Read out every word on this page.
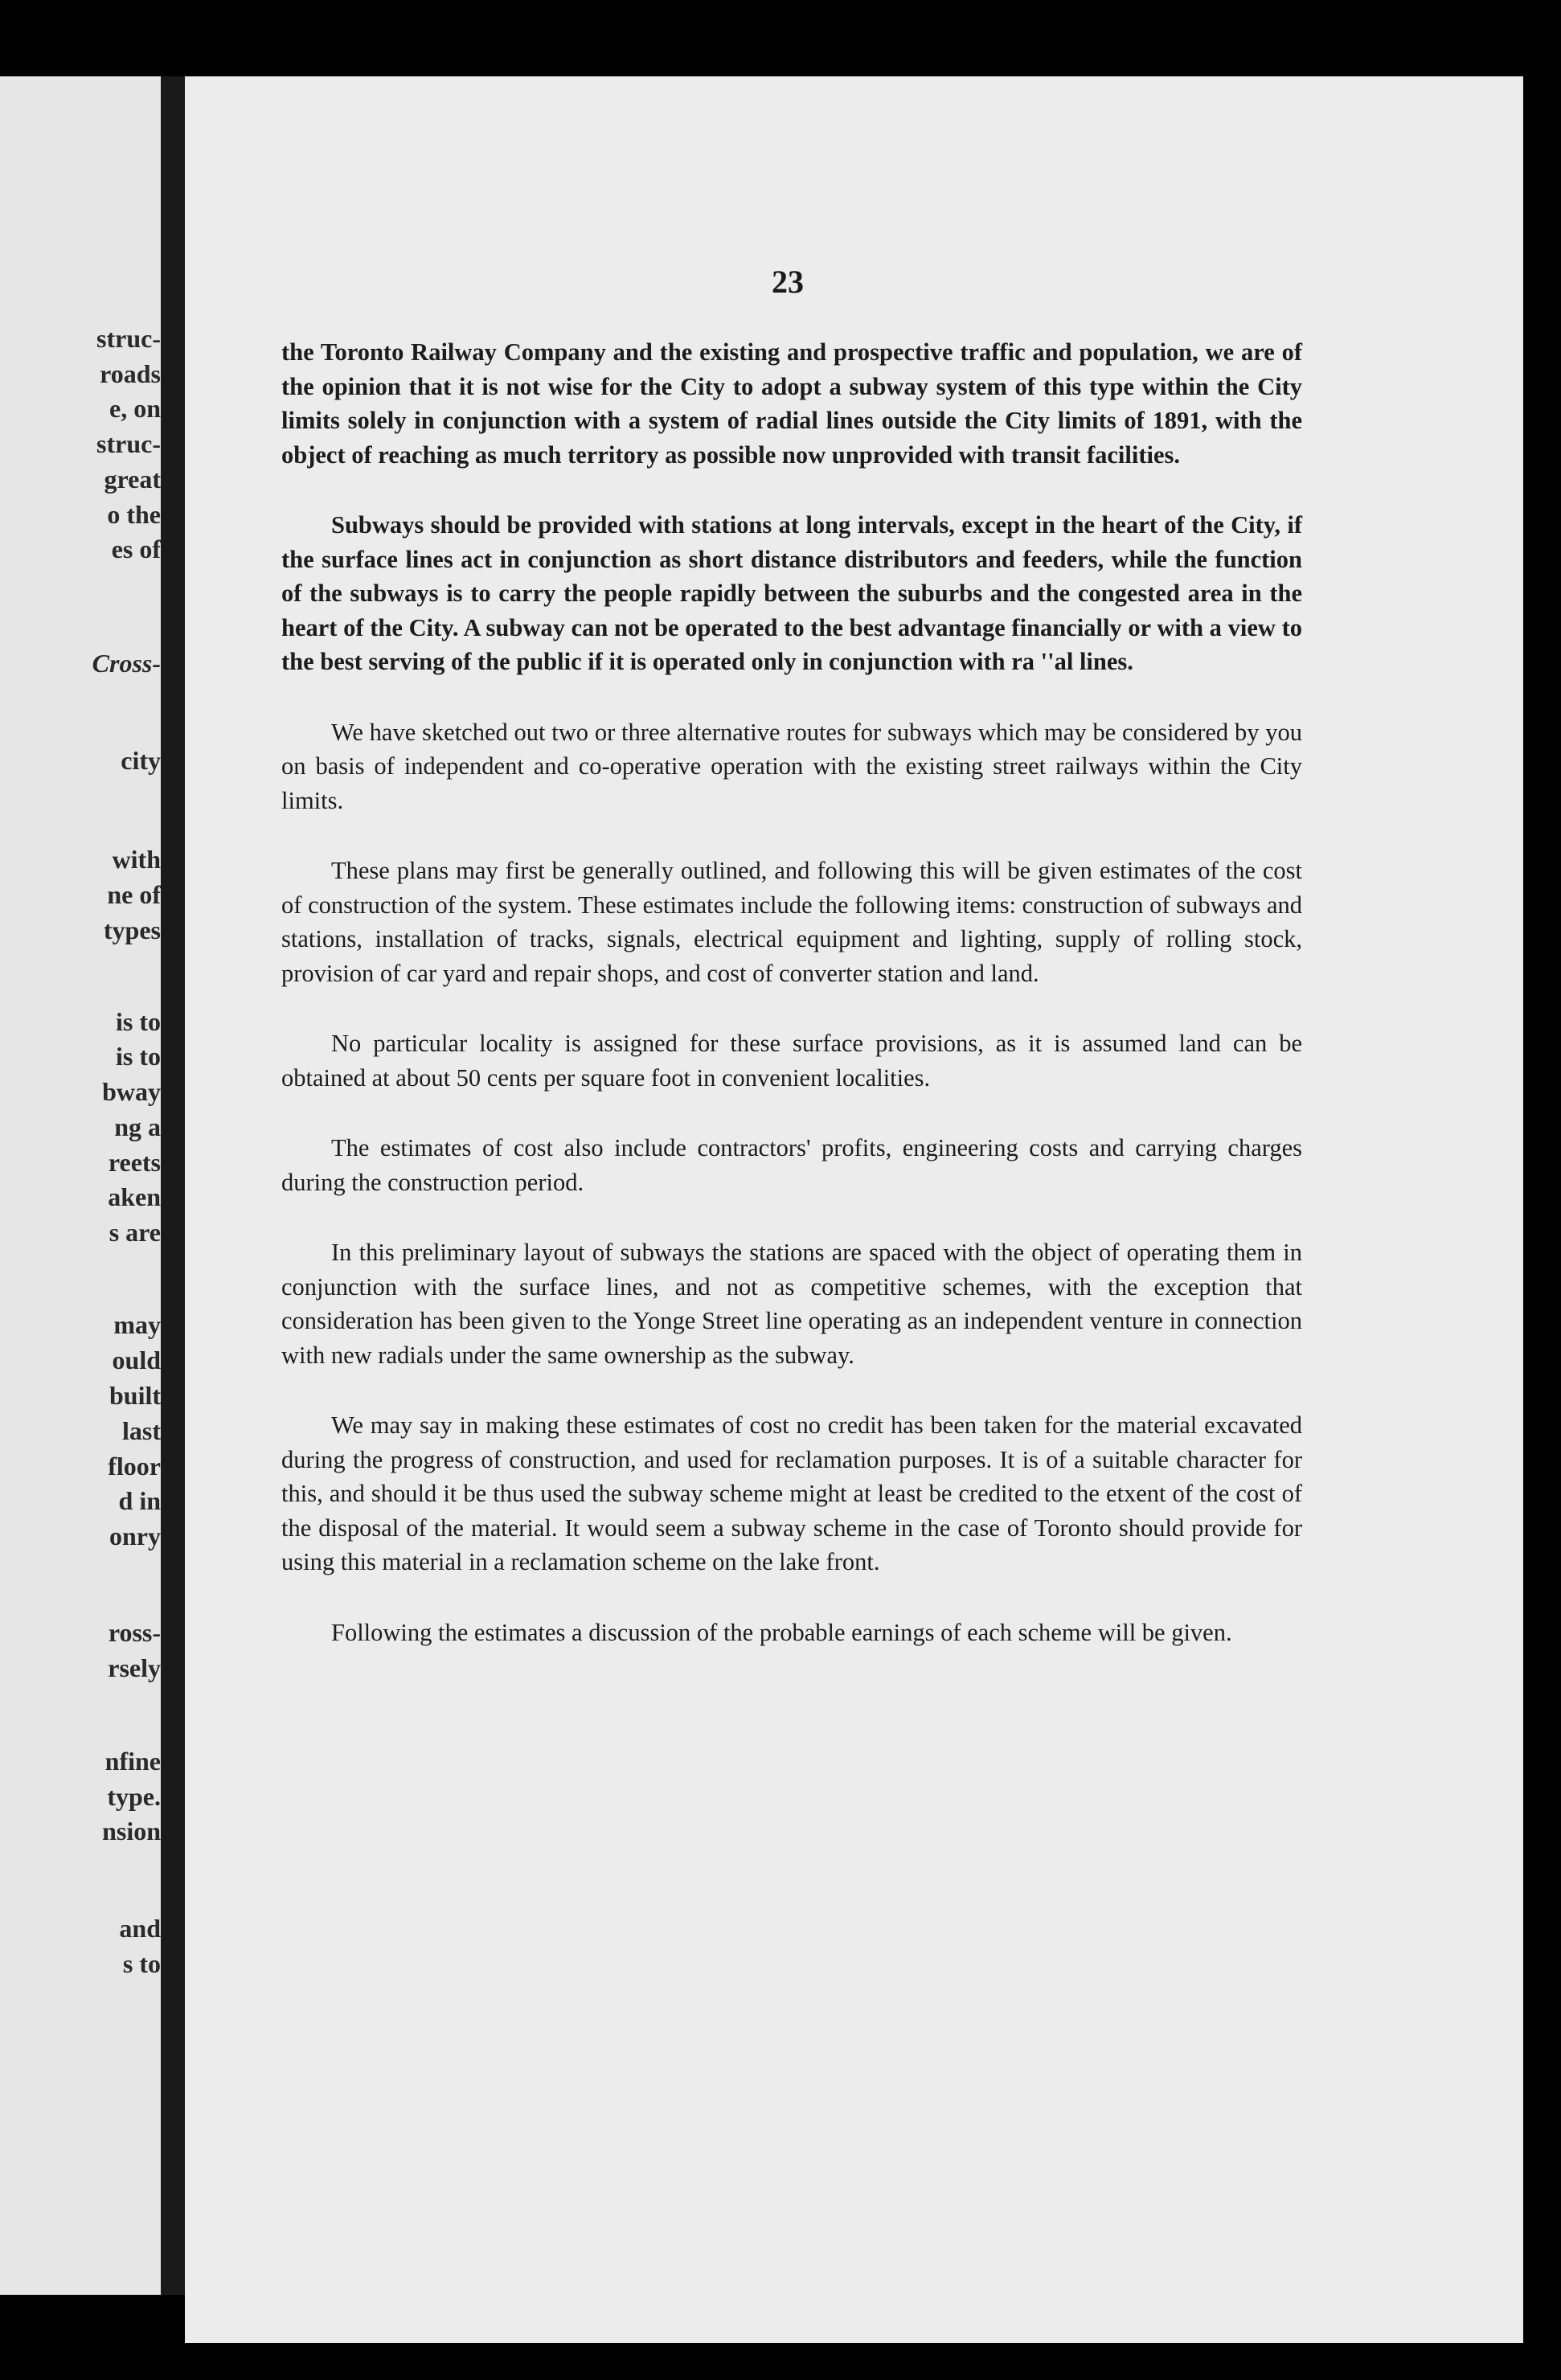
struc-
roads
e, on
struc-
great
o the
es of
Cross-
city
with
ne of
types
is to
is to
bway
ng a
reets
aken
s are
may
ould
built
last
floor
d in
onry
ross-
rsely
nfine
type.
nsion
and
s to
23

the Toronto Railway Company and the existing and prospective traffic and population, we are of the opinion that it is not wise for the City to adopt a subway system of this type within the City limits solely in conjunction with a system of radial lines outside the City limits of 1891, with the object of reaching as much territory as possible now unprovided with transit facilities.

Subways should be provided with stations at long intervals, except in the heart of the City, if the surface lines act in conjunction as short distance distributors and feeders, while the function of the subways is to carry the people rapidly between the suburbs and the congested area in the heart of the City. A subway can not be operated to the best advantage financially or with a view to the best serving of the public if it is operated only in conjunction with ra ''al lines.

We have sketched out two or three alternative routes for subways which may be considered by you on basis of independent and co-operative operation with the existing street railways within the City limits.

These plans may first be generally outlined, and following this will be given estimates of the cost of construction of the system. These estimates include the following items: construction of subways and stations, installation of tracks, signals, electrical equipment and lighting, supply of rolling stock, provision of car yard and repair shops, and cost of converter station and land.

No particular locality is assigned for these surface provisions, as it is assumed land can be obtained at about 50 cents per square foot in convenient localities.

The estimates of cost also include contractors' profits, engineering costs and carrying charges during the construction period.

In this preliminary layout of subways the stations are spaced with the object of operating them in conjunction with the surface lines, and not as competitive schemes, with the exception that consideration has been given to the Yonge Street line operating as an independent venture in connection with new radials under the same ownership as the subway.

We may say in making these estimates of cost no credit has been taken for the material excavated during the progress of construction, and used for reclamation purposes. It is of a suitable character for this, and should it be thus used the subway scheme might at least be credited to the etxent of the cost of the disposal of the material. It would seem a subway scheme in the case of Toronto should provide for using this material in a reclamation scheme on the lake front.

Following the estimates a discussion of the probable earnings of each scheme will be given.
